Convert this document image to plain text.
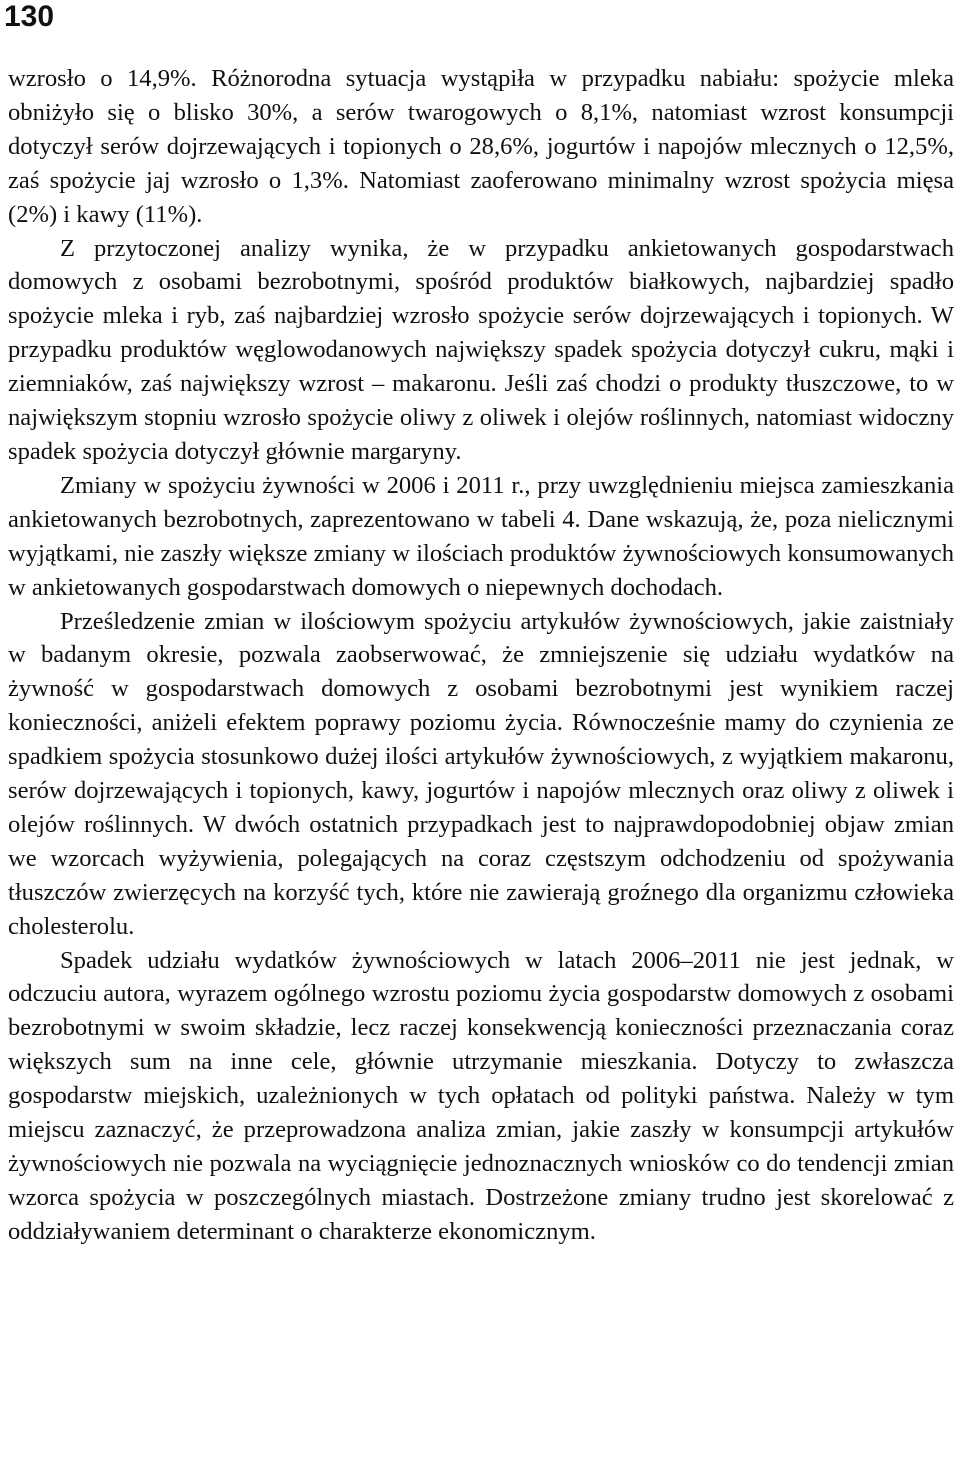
130

wzrosło o 14,9%. Różnorodna sytuacja wystąpiła w przypadku nabiału: spożycie mleka obniżyło się o blisko 30%, a serów twarogowych o 8,1%, natomiast wzrost konsumpcji dotyczył serów dojrzewających i topionych o 28,6%, jogurtów i napojów mlecznych o 12,5%, zaś spożycie jaj wzrosło o 1,3%. Natomiast zaoferowano minimalny wzrost spożycia mięsa (2%) i kawy (11%).

Z przytoczonej analizy wynika, że w przypadku ankietowanych gospodarstwach domowych z osobami bezrobotnymi, spośród produktów białkowych, najbardziej spadło spożycie mleka i ryb, zaś najbardziej wzrosło spożycie serów dojrzewających i topionych. W przypadku produktów węglowodanowych największy spadek spożycia dotyczył cukru, mąki i ziemniaków, zaś największy wzrost – makaronu. Jeśli zaś chodzi o produkty tłuszczowe, to w największym stopniu wzrosło spożycie oliwy z oliwek i olejów roślinnych, natomiast widoczny spadek spożycia dotyczył głównie margaryny.

Zmiany w spożyciu żywności w 2006 i 2011 r., przy uwzględnieniu miejsca zamieszkania ankietowanych bezrobotnych, zaprezentowano w tabeli 4. Dane wskazują, że, poza nielicznymi wyjątkami, nie zaszły większe zmiany w ilościach produktów żywnościowych konsumowanych w ankietowanych gospodarstwach domowych o niepewnych dochodach.

Prześledzenie zmian w ilościowym spożyciu artykułów żywnościowych, jakie zaistniały w badanym okresie, pozwala zaobserwować, że zmniejszenie się udziału wydatków na żywność w gospodarstwach domowych z osobami bezrobotnymi jest wynikiem raczej konieczności, aniżeli efektem poprawy poziomu życia. Równocześnie mamy do czynienia ze spadkiem spożycia stosunkowo dużej ilości artykułów żywnościowych, z wyjątkiem makaronu, serów dojrzewających i topionych, kawy, jogurtów i napojów mlecznych oraz oliwy z oliwek i olejów roślinnych. W dwóch ostatnich przypadkach jest to najprawdopodobniej objaw zmian we wzorcach wyżywienia, polegających na coraz częstszym odchodzeniu od spożywania tłuszczów zwierzęcych na korzyść tych, które nie zawierają groźnego dla organizmu człowieka cholesterolu.

Spadek udziału wydatków żywnościowych w latach 2006–2011 nie jest jednak, w odczuciu autora, wyrazem ogólnego wzrostu poziomu życia gospodarstw domowych z osobami bezrobotnymi w swoim składzie, lecz raczej konsekwencją konieczności przeznaczania coraz większych sum na inne cele, głównie utrzymanie mieszkania. Dotyczy to zwłaszcza gospodarstw miejskich, uzależnionych w tych opłatach od polityki państwa. Należy w tym miejscu zaznaczyć, że przeprowadzona analiza zmian, jakie zaszły w konsumpcji artykułów żywnościowych nie pozwala na wyciągnięcie jednoznacznych wniosków co do tendencji zmian wzorca spożycia w poszczególnych miastach. Dostrzeżone zmiany trudno jest skorelować z oddziaływaniem determinant o charakterze ekonomicznym.
